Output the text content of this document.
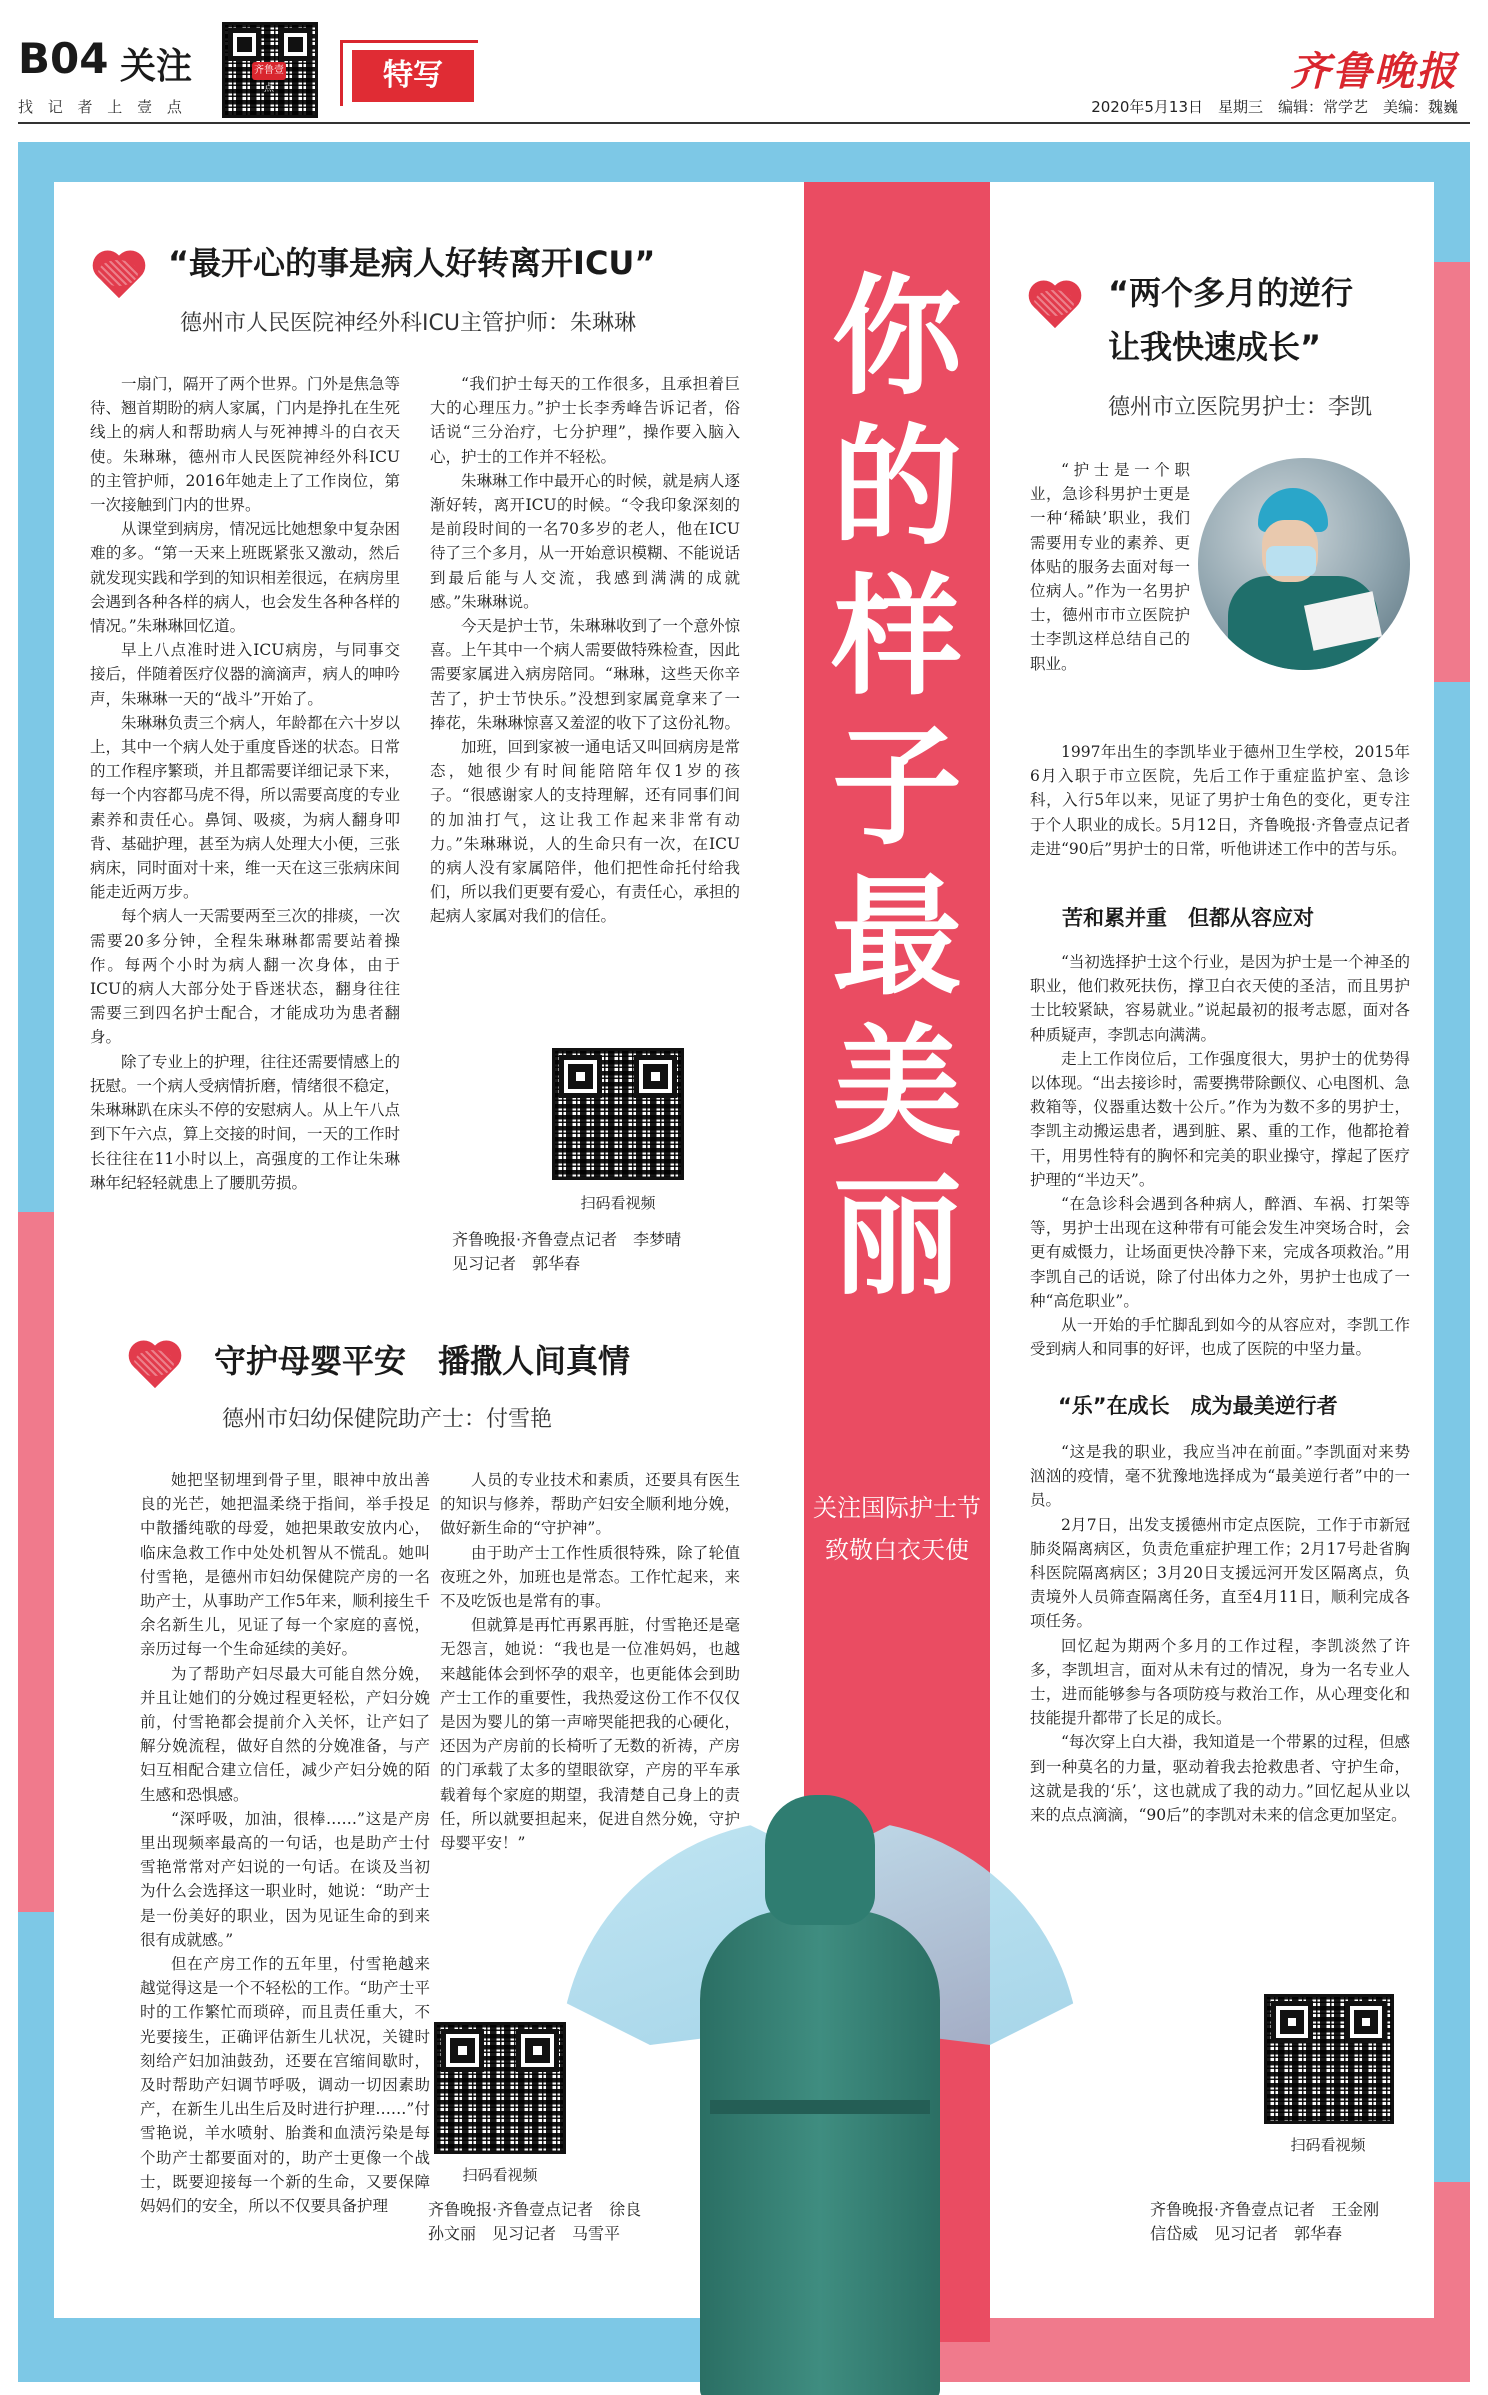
B04 关注
找 记 者 上 壹 点
齐鲁壹点	特写	齐鲁晚报
2020年5月13日　星期三　编辑：常学艺　美编：魏巍
你
的
样
子
最
美
丽
关注国际护士节
致敬白衣天使
“最开心的事是病人好转离开ICU”
德州市人民医院神经外科ICU主管护师：朱琳琳

一扇门，隔开了两个世界。门外是焦急等待、翘首期盼的病人家属，门内是挣扎在生死线上的病人和帮助病人与死神搏斗的白衣天使。朱琳琳，德州市人民医院神经外科ICU的主管护师，2016年她走上了工作岗位，第一次接触到门内的世界。

从课堂到病房，情况远比她想象中复杂困难的多。“第一天来上班既紧张又激动，然后就发现实践和学到的知识相差很远，在病房里会遇到各种各样的病人，也会发生各种各样的情况。”朱琳琳回忆道。

早上八点准时进入ICU病房，与同事交接后，伴随着医疗仪器的滴滴声，病人的呻吟声，朱琳琳一天的“战斗”开始了。

朱琳琳负责三个病人，年龄都在六十岁以上，其中一个病人处于重度昏迷的状态。日常的工作程序繁琐，并且都需要详细记录下来，每一个内容都马虎不得，所以需要高度的专业素养和责任心。鼻饲、吸痰，为病人翻身叩背、基础护理，甚至为病人处理大小便，三张病床，同时面对十来，维一天在这三张病床间能走近两万步。

每个病人一天需要两至三次的排痰，一次需要20多分钟，全程朱琳琳都需要站着操作。每两个小时为病人翻一次身体，由于ICU的病人大部分处于昏迷状态，翻身往往需要三到四名护士配合，才能成功为患者翻身。

除了专业上的护理，往往还需要情感上的抚慰。一个病人受病情折磨，情绪很不稳定，朱琳琳趴在床头不停的安慰病人。从上午八点到下午六点，算上交接的时间，一天的工作时长往往在11小时以上，高强度的工作让朱琳琳年纪轻轻就患上了腰肌劳损。

“我们护士每天的工作很多，且承担着巨大的心理压力。”护士长李秀峰告诉记者，俗话说“三分治疗，七分护理”，操作要入脑入心，护士的工作并不轻松。

朱琳琳工作中最开心的时候，就是病人逐渐好转，离开ICU的时候。“令我印象深刻的是前段时间的一名70多岁的老人，他在ICU待了三个多月，从一开始意识模糊、不能说话到最后能与人交流，我感到满满的成就感。”朱琳琳说。

今天是护士节，朱琳琳收到了一个意外惊喜。上午其中一个病人需要做特殊检查，因此需要家属进入病房陪同。“琳琳，这些天你辛苦了，护士节快乐。”没想到家属竟拿来了一捧花，朱琳琳惊喜又羞涩的收下了这份礼物。

加班，回到家被一通电话又叫回病房是常态，她很少有时间能陪陪年仅1岁的孩子。“很感谢家人的支持理解，还有同事们间的加油打气，这让我工作起来非常有动力。”朱琳琳说，人的生命只有一次，在ICU的病人没有家属陪伴，他们把性命托付给我们，所以我们更要有爱心，有责任心，承担的起病人家属对我们的信任。

扫码看视频
齐鲁晚报·齐鲁壹点记者　李梦晴
见习记者　郭华春
守护母婴平安　播撒人间真情
德州市妇幼保健院助产士：付雪艳

她把坚韧埋到骨子里，眼神中放出善良的光芒，她把温柔绕于指间，举手投足中散播纯歌的母爱，她把果敢安放内心，临床急救工作中处处机智从不慌乱。她叫付雪艳，是德州市妇幼保健院产房的一名助产士，从事助产工作5年来，顺利接生千余名新生儿，见证了每一个家庭的喜悦，亲历过每一个生命延续的美好。

为了帮助产妇尽最大可能自然分娩，并且让她们的分娩过程更轻松，产妇分娩前，付雪艳都会提前介入关怀，让产妇了解分娩流程，做好自然的分娩准备，与产妇互相配合建立信任，减少产妇分娩的陌生感和恐惧感。

“深呼吸，加油，很棒……”这是产房里出现频率最高的一句话，也是助产士付雪艳常常对产妇说的一句话。在谈及当初为什么会选择这一职业时，她说：“助产士是一份美好的职业，因为见证生命的到来很有成就感。”

但在产房工作的五年里，付雪艳越来越觉得这是一个不轻松的工作。“助产士平时的工作繁忙而琐碎，而且责任重大，不光要接生，正确评估新生儿状况，关键时刻给产妇加油鼓劲，还要在宫缩间歇时，及时帮助产妇调节呼吸，调动一切因素助产，在新生儿出生后及时进行护理……”付雪艳说，羊水喷射、胎粪和血渍污染是每个助产士都要面对的，助产士更像一个战士，既要迎接每一个新的生命，又要保障妈妈们的安全，所以不仅要具备护理

人员的专业技术和素质，还要具有医生的知识与修养，帮助产妇安全顺利地分娩，做好新生命的“守护神”。

由于助产士工作性质很特殊，除了轮值夜班之外，加班也是常态。工作忙起来，来不及吃饭也是常有的事。

但就算是再忙再累再脏，付雪艳还是毫无怨言，她说：“我也是一位准妈妈，也越来越能体会到怀孕的艰辛，也更能体会到助产士工作的重要性，我热爱这份工作不仅仅是因为婴儿的第一声啼哭能把我的心硬化，还因为产房前的长椅听了无数的祈祷，产房的门承载了太多的望眼欲穿，产房的平车承载着每个家庭的期望，我清楚自己身上的责任，所以就要担起来，促进自然分娩，守护母婴平安！”

扫码看视频
齐鲁晚报·齐鲁壹点记者　徐良
孙文丽　见习记者　马雪平
“两个多月的逆行
让我快速成长”
德州市立医院男护士：李凯

“护士是一个职业，急诊科男护士更是一种‘稀缺’职业，我们需要用专业的素养、更体贴的服务去面对每一位病人。”作为一名男护士，德州市市立医院护士李凯这样总结自己的职业。

1997年出生的李凯毕业于德州卫生学校，2015年6月入职于市立医院，先后工作于重症监护室、急诊科，入行5年以来，见证了男护士角色的变化，更专注于个人职业的成长。5月12日，齐鲁晚报·齐鲁壹点记者走进“90后”男护士的日常，听他讲述工作中的苦与乐。

苦和累并重　但都从容应对

“当初选择护士这个行业，是因为护士是一个神圣的职业，他们救死扶伤，撑卫白衣天使的圣洁，而且男护士比较紧缺，容易就业。”说起最初的报考志愿，面对各种质疑声，李凯志向满满。

走上工作岗位后，工作强度很大，男护士的优势得以体现。“出去接诊时，需要携带除颤仪、心电图机、急救箱等，仪器重达数十公斤。”作为为数不多的男护士，李凯主动搬运患者，遇到脏、累、重的工作，他都抢着干，用男性特有的胸怀和完美的职业操守，撑起了医疗护理的“半边天”。

“在急诊科会遇到各种病人，醉酒、车祸、打架等等，男护士出现在这种带有可能会发生冲突场合时，会更有威慑力，让场面更快冷静下来，完成各项救治。”用李凯自己的话说，除了付出体力之外，男护士也成了一种“高危职业”。

从一开始的手忙脚乱到如今的从容应对，李凯工作受到病人和同事的好评，也成了医院的中坚力量。

“乐”在成长　成为最美逆行者

“这是我的职业，我应当冲在前面。”李凯面对来势汹汹的疫情，毫不犹豫地选择成为“最美逆行者”中的一员。

2月7日，出发支援德州市定点医院，工作于市新冠肺炎隔离病区，负责危重症护理工作；2月17号赴省胸科医院隔离病区；3月20日支援远河开发区隔离点，负责境外人员筛查隔离任务，直至4月11日，顺利完成各项任务。

回忆起为期两个多月的工作过程，李凯淡然了许多，李凯坦言，面对从未有过的情况，身为一名专业人士，进而能够参与各项防疫与救治工作，从心理变化和技能提升都带了长足的成长。

“每次穿上白大褂，我知道是一个带累的过程，但感到一种莫名的力量，驱动着我去抢救患者、守护生命，这就是我的‘乐’，这也就成了我的动力。”回忆起从业以来的点点滴滴，“90后”的李凯对未来的信念更加坚定。

扫码看视频
齐鲁晚报·齐鲁壹点记者　王金刚
信岱威　见习记者　郭华春
